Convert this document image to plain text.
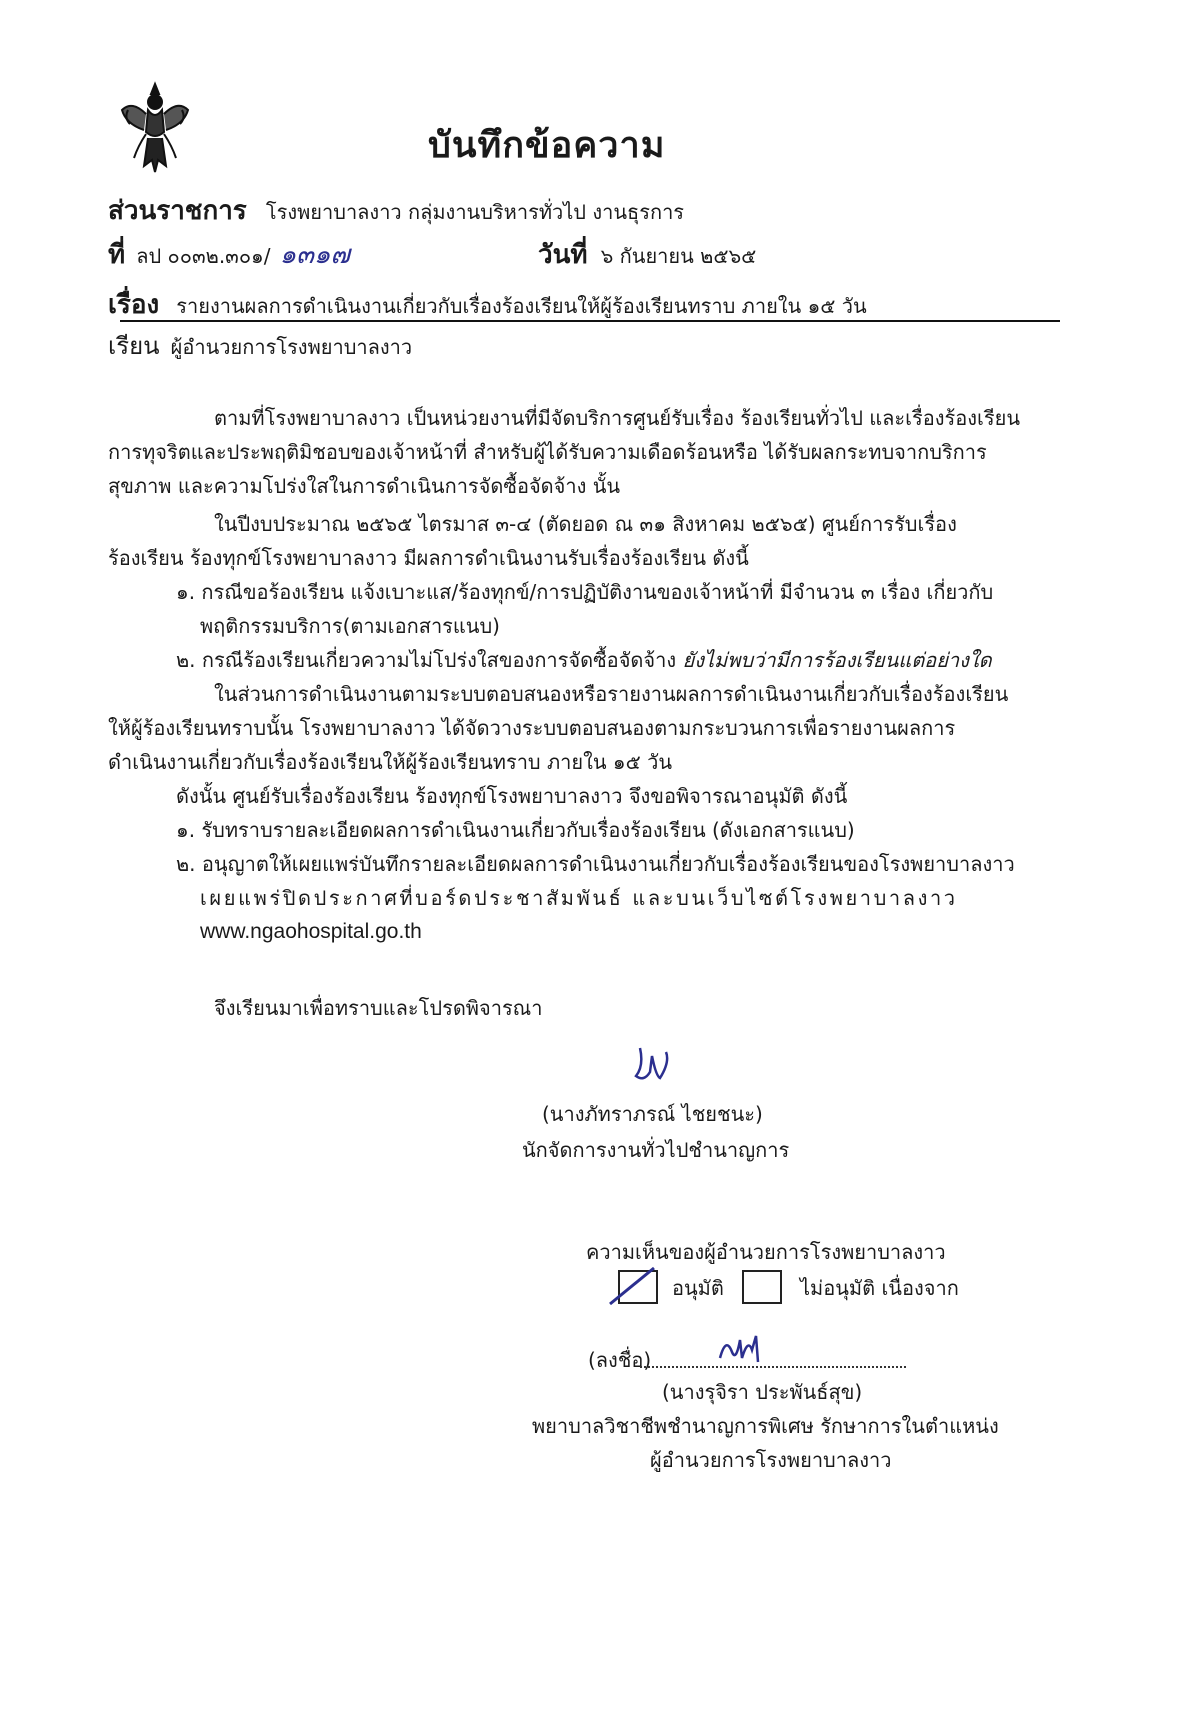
บันทึกข้อความ
ส่วนราชการ โรงพยาบาลงาว กลุ่มงานบริหารทั่วไป งานธุรการ
ที่ ลป ๐๐๓๒.๓๐๑/ ๑๓๑๗	วันที่ ๖ กันยายน ๒๕๖๕
เรื่อง รายงานผลการดำเนินงานเกี่ยวกับเรื่องร้องเรียนให้ผู้ร้องเรียนทราบ ภายใน ๑๕ วัน
เรียน ผู้อำนวยการโรงพยาบาลงาว
ตามที่โรงพยาบาลงาว เป็นหน่วยงานที่มีจัดบริการศูนย์รับเรื่อง ร้องเรียนทั่วไป และเรื่องร้องเรียน
การทุจริตและประพฤติมิชอบของเจ้าหน้าที่ สำหรับผู้ได้รับความเดือดร้อนหรือ ได้รับผลกระทบจากบริการ
สุขภาพ และความโปร่งใสในการดำเนินการจัดซื้อจัดจ้าง นั้น
ในปีงบประมาณ ๒๕๖๕ ไตรมาส ๓-๔ (ตัดยอด ณ ๓๑ สิงหาคม ๒๕๖๕) ศูนย์การรับเรื่อง
ร้องเรียน ร้องทุกข์โรงพยาบาลงาว มีผลการดำเนินงานรับเรื่องร้องเรียน ดังนี้
๑. กรณีขอร้องเรียน แจ้งเบาะแส/ร้องทุกข์/การปฏิบัติงานของเจ้าหน้าที่ มีจำนวน ๓ เรื่อง เกี่ยวกับ
พฤติกรรมบริการ(ตามเอกสารแนบ)
๒. กรณีร้องเรียนเกี่ยวความไม่โปร่งใสของการจัดซื้อจัดจ้าง ยังไม่พบว่ามีการร้องเรียนแต่อย่างใด
ในส่วนการดำเนินงานตามระบบตอบสนองหรือรายงานผลการดำเนินงานเกี่ยวกับเรื่องร้องเรียน
ให้ผู้ร้องเรียนทราบนั้น โรงพยาบาลงาว ได้จัดวางระบบตอบสนองตามกระบวนการเพื่อรายงานผลการ
ดำเนินงานเกี่ยวกับเรื่องร้องเรียนให้ผู้ร้องเรียนทราบ ภายใน ๑๕ วัน
ดังนั้น ศูนย์รับเรื่องร้องเรียน ร้องทุกข์โรงพยาบาลงาว จึงขอพิจารณาอนุมัติ ดังนี้
๑. รับทราบรายละเอียดผลการดำเนินงานเกี่ยวกับเรื่องร้องเรียน (ดังเอกสารแนบ)
๒. อนุญาตให้เผยแพร่บันทึกรายละเอียดผลการดำเนินงานเกี่ยวกับเรื่องร้องเรียนของโรงพยาบาลงาว
เผยแพร่ปิดประกาศที่บอร์ดประชาสัมพันธ์ และบนเว็บไซต์โรงพยาบาลงาว
www.ngaohospital.go.th
จึงเรียนมาเพื่อทราบและโปรดพิจารณา
(นางภัทราภรณ์ ไชยชนะ)
นักจัดการงานทั่วไปชำนาญการ
ความเห็นของผู้อำนวยการโรงพยาบาลงาว
อนุมัติ	ไม่อนุมัติ เนื่องจาก
(ลงชื่อ)
(นางรุจิรา ประพันธ์สุข)
พยาบาลวิชาชีพชำนาญการพิเศษ รักษาการในตำแหน่ง
ผู้อำนวยการโรงพยาบาลงาว
